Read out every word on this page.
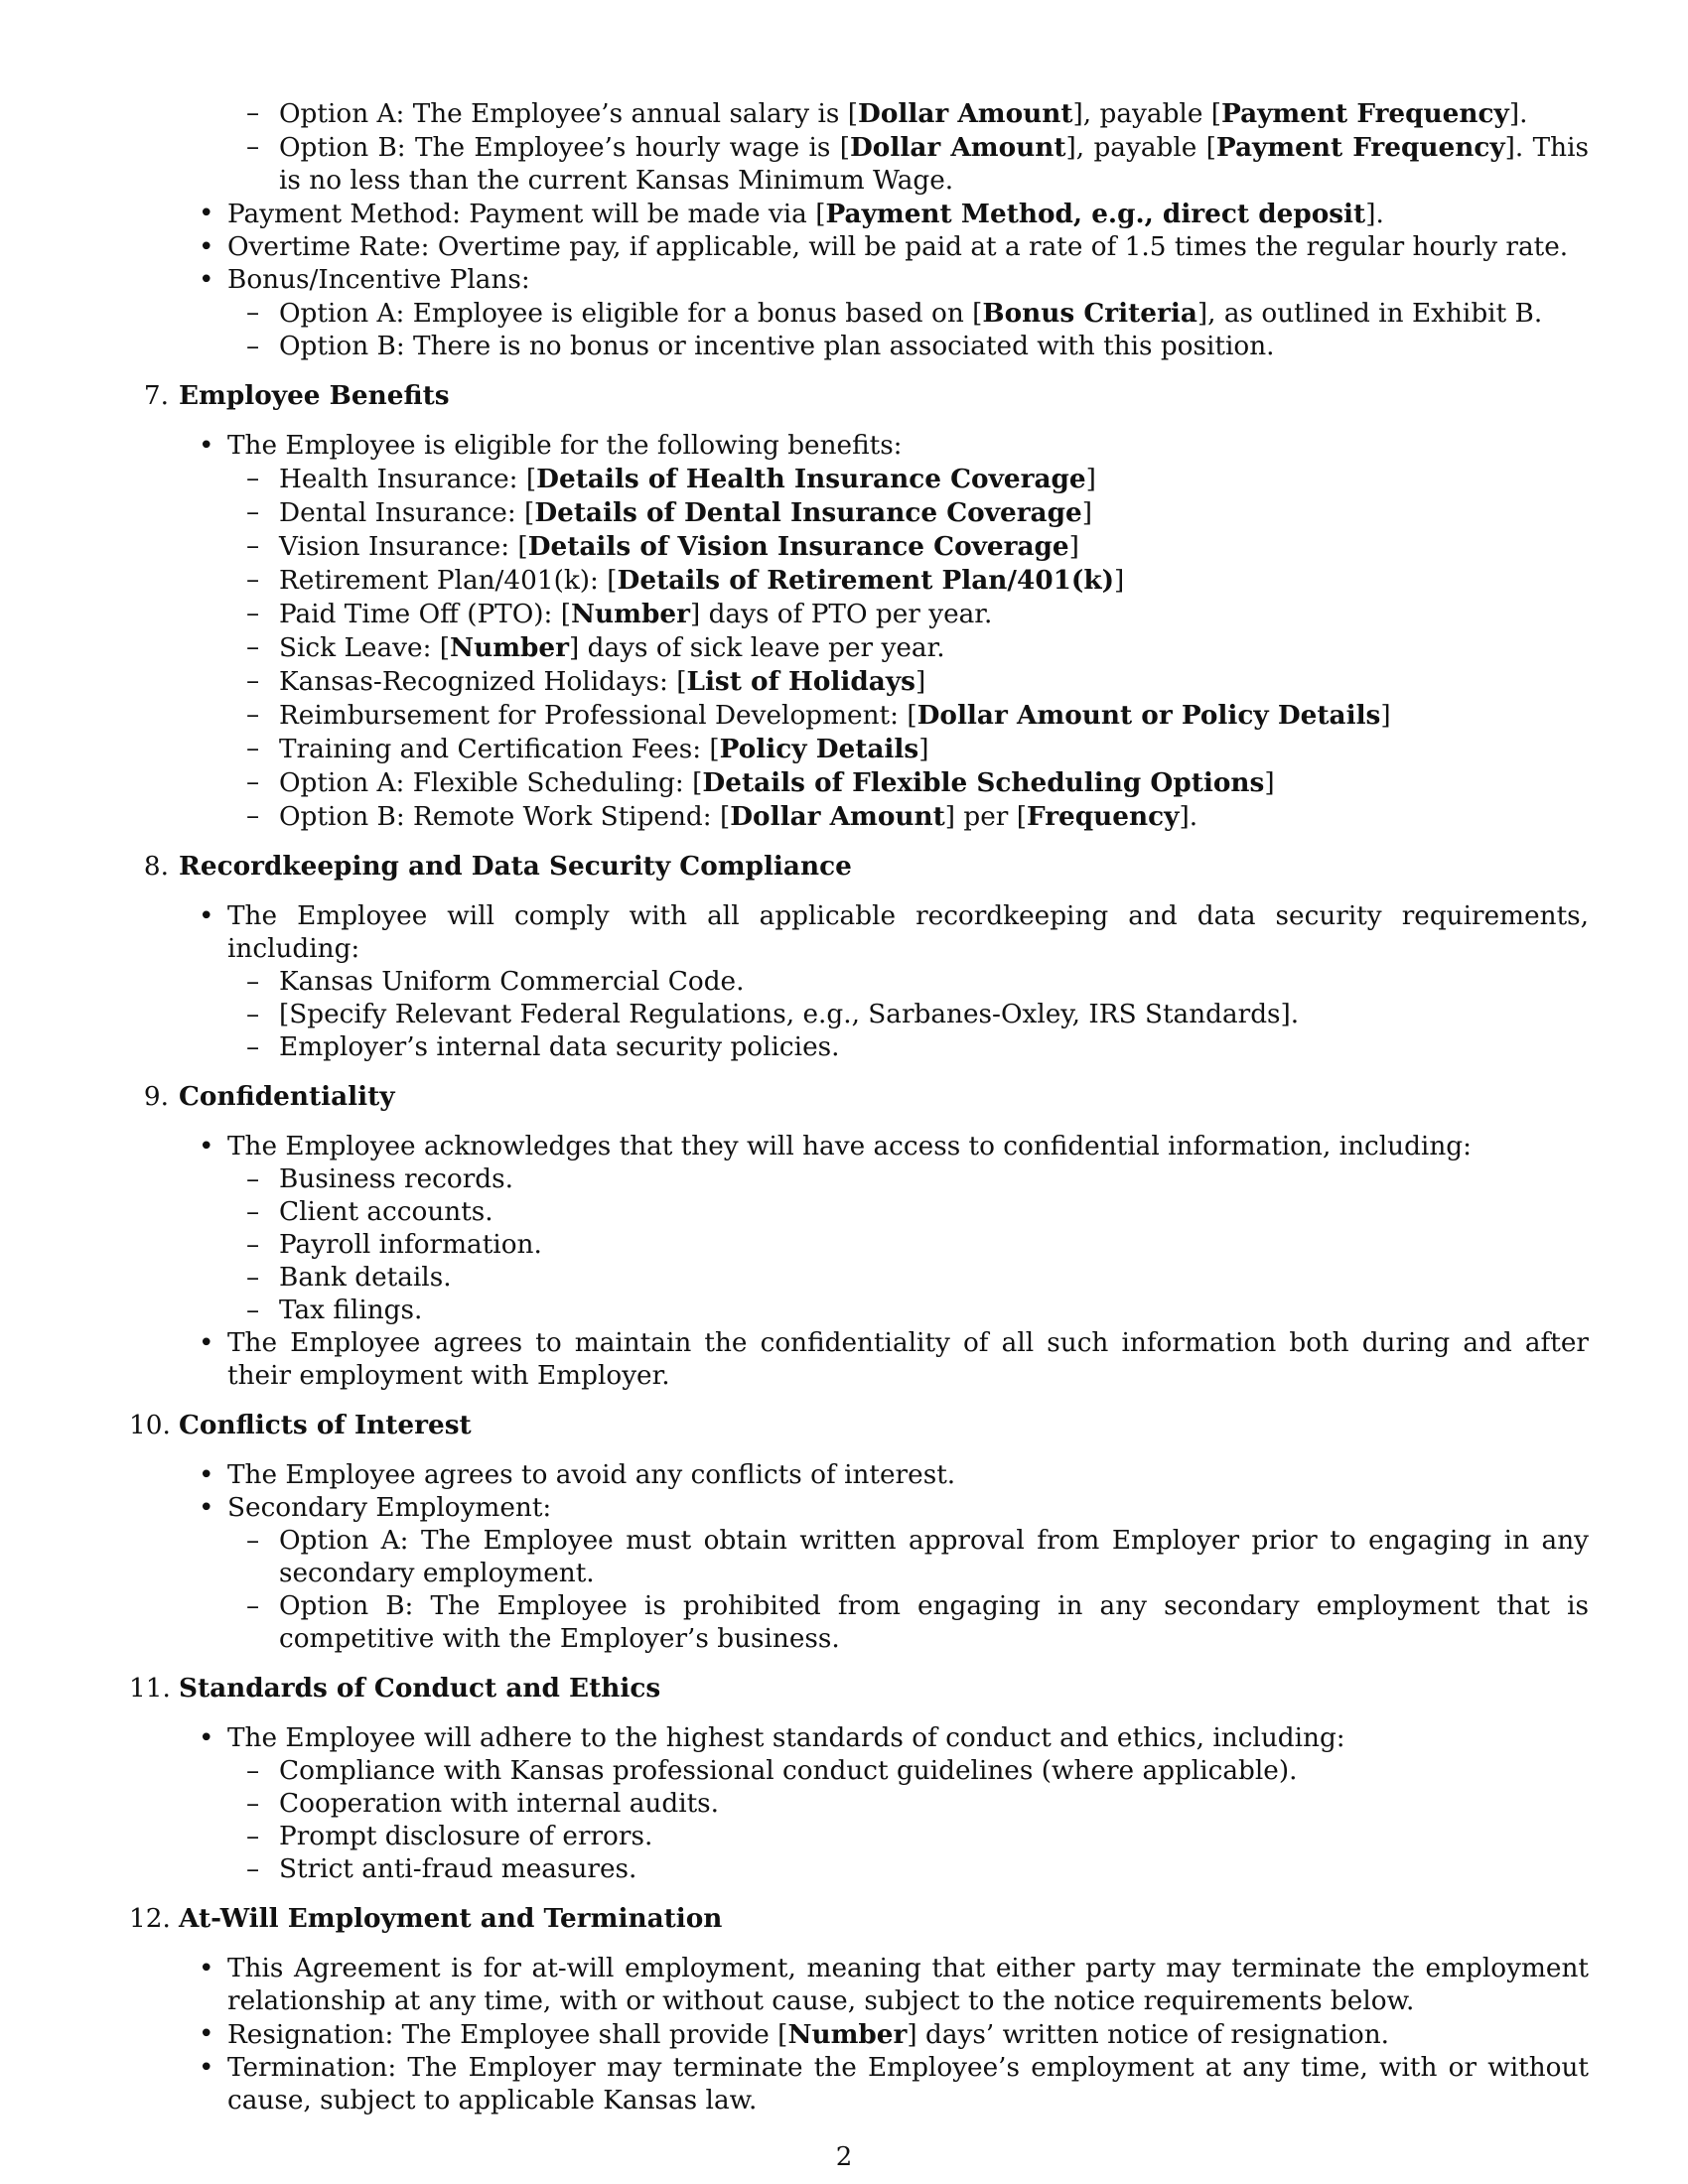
– Option A: The Employee’s annual salary is [Dollar Amount], payable [Payment Frequency].
– Option B: The Employee’s hourly wage is [Dollar Amount], payable [Payment Frequency]. This is no less than the current Kansas Minimum Wage.
• Payment Method: Payment will be made via [Payment Method, e.g., direct deposit].
• Overtime Rate: Overtime pay, if applicable, will be paid at a rate of 1.5 times the regular hourly rate.
• Bonus/Incentive Plans:
– Option A: Employee is eligible for a bonus based on [Bonus Criteria], as outlined in Exhibit B.
– Option B: There is no bonus or incentive plan associated with this position.
7. Employee Benefits
• The Employee is eligible for the following benefits:
– Health Insurance: [Details of Health Insurance Coverage]
– Dental Insurance: [Details of Dental Insurance Coverage]
– Vision Insurance: [Details of Vision Insurance Coverage]
– Retirement Plan/401(k): [Details of Retirement Plan/401(k)]
– Paid Time Off (PTO): [Number] days of PTO per year.
– Sick Leave: [Number] days of sick leave per year.
– Kansas-Recognized Holidays: [List of Holidays]
– Reimbursement for Professional Development: [Dollar Amount or Policy Details]
– Training and Certification Fees: [Policy Details]
– Option A: Flexible Scheduling: [Details of Flexible Scheduling Options]
– Option B: Remote Work Stipend: [Dollar Amount] per [Frequency].
8. Recordkeeping and Data Security Compliance
• The Employee will comply with all applicable recordkeeping and data security requirements, including:
– Kansas Uniform Commercial Code.
– [Specify Relevant Federal Regulations, e.g., Sarbanes-Oxley, IRS Standards].
– Employer’s internal data security policies.
9. Confidentiality
• The Employee acknowledges that they will have access to confidential information, including:
– Business records.
– Client accounts.
– Payroll information.
– Bank details.
– Tax filings.
• The Employee agrees to maintain the confidentiality of all such information both during and after their employment with Employer.
10. Conflicts of Interest
• The Employee agrees to avoid any conflicts of interest.
• Secondary Employment:
– Option A: The Employee must obtain written approval from Employer prior to engaging in any secondary employment.
– Option B: The Employee is prohibited from engaging in any secondary employment that is competitive with the Employer’s business.
11. Standards of Conduct and Ethics
• The Employee will adhere to the highest standards of conduct and ethics, including:
– Compliance with Kansas professional conduct guidelines (where applicable).
– Cooperation with internal audits.
– Prompt disclosure of errors.
– Strict anti-fraud measures.
12. At-Will Employment and Termination
• This Agreement is for at-will employment, meaning that either party may terminate the employment relationship at any time, with or without cause, subject to the notice requirements below.
• Resignation: The Employee shall provide [Number] days’ written notice of resignation.
• Termination: The Employer may terminate the Employee’s employment at any time, with or without cause, subject to applicable Kansas law.
2
